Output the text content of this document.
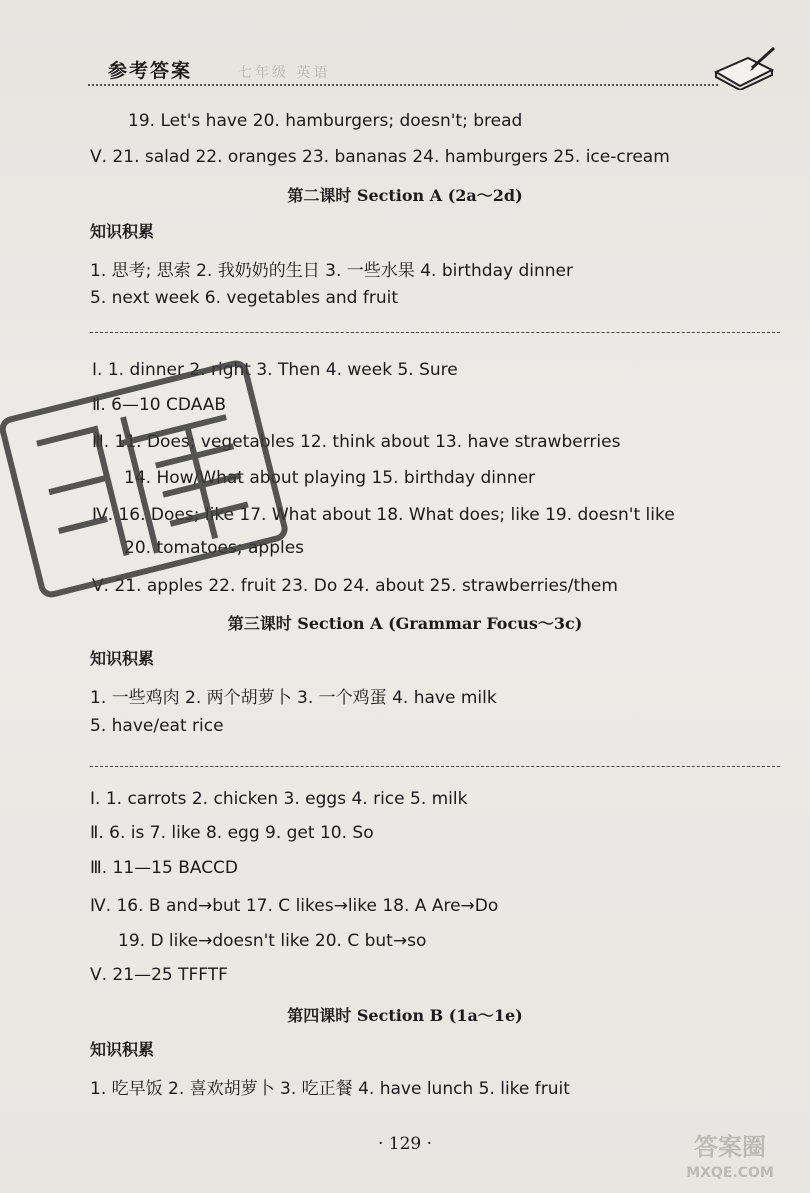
参考答案	七年级 英语
19. Let's have 20. hamburgers; doesn't; bread
Ⅴ. 21. salad 22. oranges 23. bananas 24. hamburgers 25. ice-cream
第二课时 Section A (2a～2d)
知识积累
1. 思考; 思索 2. 我奶奶的生日 3. 一些水果 4. birthday dinner
5. next week 6. vegetables and fruit
Ⅰ. 1. dinner 2. right 3. Then 4. week 5. Sure
Ⅱ. 6—10 CDAAB
Ⅲ. 11. Does; vegetables 12. think about 13. have strawberries
14. How/What about playing 15. birthday dinner
Ⅳ. 16. Does; like 17. What about 18. What does; like 19. doesn't like
20. tomatoes; apples
Ⅴ. 21. apples 22. fruit 23. Do 24. about 25. strawberries/them
第三课时 Section A (Grammar Focus～3c)
知识积累
1. 一些鸡肉 2. 两个胡萝卜 3. 一个鸡蛋 4. have milk
5. have/eat rice
Ⅰ. 1. carrots 2. chicken 3. eggs 4. rice 5. milk
Ⅱ. 6. is 7. like 8. egg 9. get 10. So
Ⅲ. 11—15 BACCD
Ⅳ. 16. B and→but 17. C likes→like 18. A Are→Do
19. D like→doesn't like 20. C but→so
Ⅴ. 21—25 TFFTF
第四课时 Section B (1a～1e)
知识积累
1. 吃早饭 2. 喜欢胡萝卜 3. 吃正餐 4. have lunch 5. like fruit
· 129 ·	答案圈
MXQE.COM
